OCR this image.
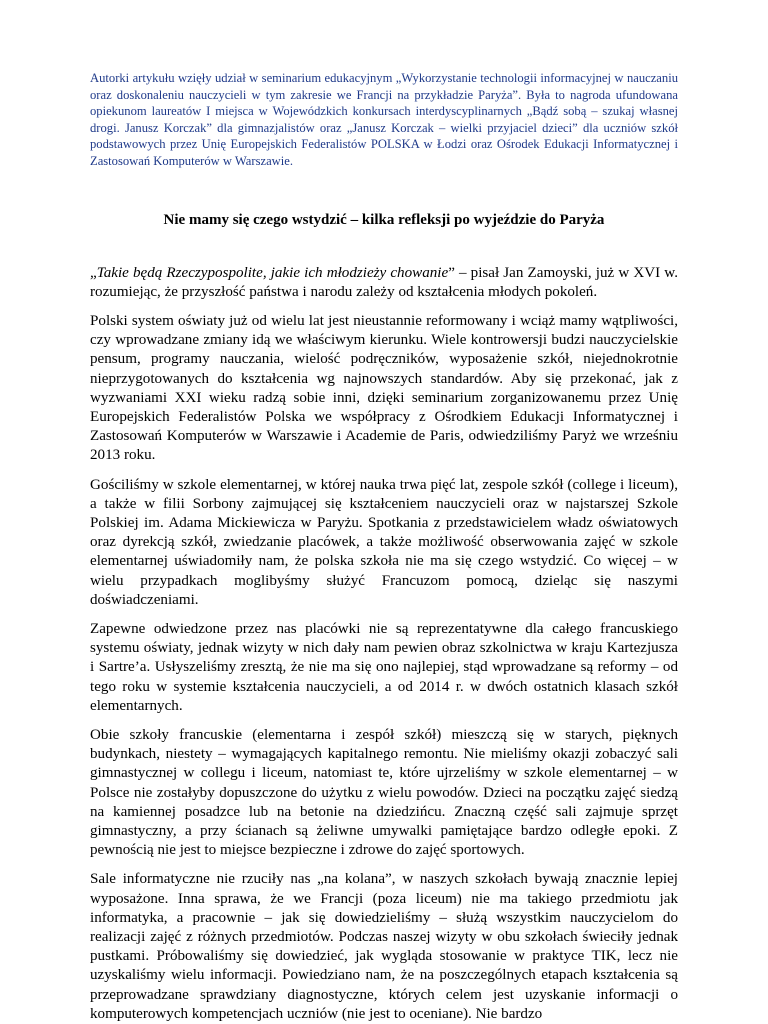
Autorki artykułu wzięły udział w seminarium edukacyjnym „Wykorzystanie technologii informacyjnej w nauczaniu oraz doskonaleniu nauczycieli w tym zakresie we Francji na przykładzie Paryża”. Była to nagroda ufundowana opiekunom laureatów I miejsca w Wojewódzkich konkursach interdyscyplinarnych „Bądź sobą – szukaj własnej drogi. Janusz Korczak” dla gimnazjalistów oraz „Janusz Korczak – wielki przyjaciel dzieci” dla uczniów szkół podstawowych przez Unię Europejskich Federalistów POLSKA w Łodzi oraz Ośrodek Edukacji Informatycznej i Zastosowań Komputerów w Warszawie.

Nie mamy się czego wstydzić – kilka refleksji po wyjeździe do Paryża

„Takie będą Rzeczypospolite, jakie ich młodzieży chowanie” – pisał Jan Zamoyski, już w XVI w. rozumiejąc, że przyszłość państwa i narodu zależy od kształcenia młodych pokoleń.

Polski system oświaty już od wielu lat jest nieustannie reformowany i wciąż mamy wątpliwości, czy wprowadzane zmiany idą we właściwym kierunku. Wiele kontrowersji budzi nauczycielskie pensum, programy nauczania, wielość podręczników, wyposażenie szkół, niejednokrotnie nieprzygotowanych do kształcenia wg najnowszych standardów. Aby się przekonać, jak z wyzwaniami XXI wieku radzą sobie inni, dzięki seminarium zorganizowanemu przez Unię Europejskich Federalistów Polska we współpracy z Ośrodkiem Edukacji Informatycznej i Zastosowań Komputerów w Warszawie i Academie de Paris, odwiedziliśmy Paryż we wrześniu 2013 roku.

Gościliśmy w szkole elementarnej, w której nauka trwa pięć lat, zespole szkół (college i liceum), a także w filii Sorbony zajmującej się kształceniem nauczycieli oraz w najstarszej Szkole Polskiej im. Adama Mickiewicza w Paryżu. Spotkania z przedstawicielem władz oświatowych oraz dyrekcją szkół, zwiedzanie placówek, a także możliwość obserwowania zajęć w szkole elementarnej uświadomiły nam, że polska szkoła nie ma się czego wstydzić. Co więcej – w wielu przypadkach moglibyśmy służyć Francuzom pomocą, dzieląc się naszymi doświadczeniami.

Zapewne odwiedzone przez nas placówki nie są reprezentatywne dla całego francuskiego systemu oświaty, jednak wizyty w nich dały nam pewien obraz szkolnictwa w kraju Kartezjusza i Sartre’a. Usłyszeliśmy zresztą, że nie ma się ono najlepiej, stąd wprowadzane są reformy – od tego roku w systemie kształcenia nauczycieli, a od 2014 r. w dwóch ostatnich klasach szkół elementarnych.

Obie szkoły francuskie (elementarna i zespół szkół) mieszczą się w starych, pięknych budynkach, niestety – wymagających kapitalnego remontu. Nie mieliśmy okazji zobaczyć sali gimnastycznej w collegu i liceum, natomiast te, które ujrzeliśmy w szkole elementarnej – w Polsce nie zostałyby dopuszczone do użytku z wielu powodów. Dzieci na początku zajęć siedzą na kamiennej posadzce lub na betonie na dziedzińcu. Znaczną część sali zajmuje sprzęt gimnastyczny, a przy ścianach są żeliwne umywalki pamiętające bardzo odległe epoki. Z pewnością nie jest to miejsce bezpieczne i zdrowe do zajęć sportowych.

Sale informatyczne nie rzuciły nas „na kolana”, w naszych szkołach bywają znacznie lepiej wyposażone. Inna sprawa, że we Francji (poza liceum) nie ma takiego przedmiotu jak informatyka, a pracownie – jak się dowiedzieliśmy – służą wszystkim nauczycielom do realizacji zajęć z różnych przedmiotów. Podczas naszej wizyty w obu szkołach świeciły jednak pustkami. Próbowaliśmy się dowiedzieć, jak wygląda stosowanie w praktyce TIK, lecz nie uzyskaliśmy wielu informacji. Powiedziano nam, że na poszczególnych etapach kształcenia są przeprowadzane sprawdziany diagnostyczne, których celem jest uzyskanie informacji o komputerowych kompetencjach uczniów (nie jest to oceniane). Nie bardzo
